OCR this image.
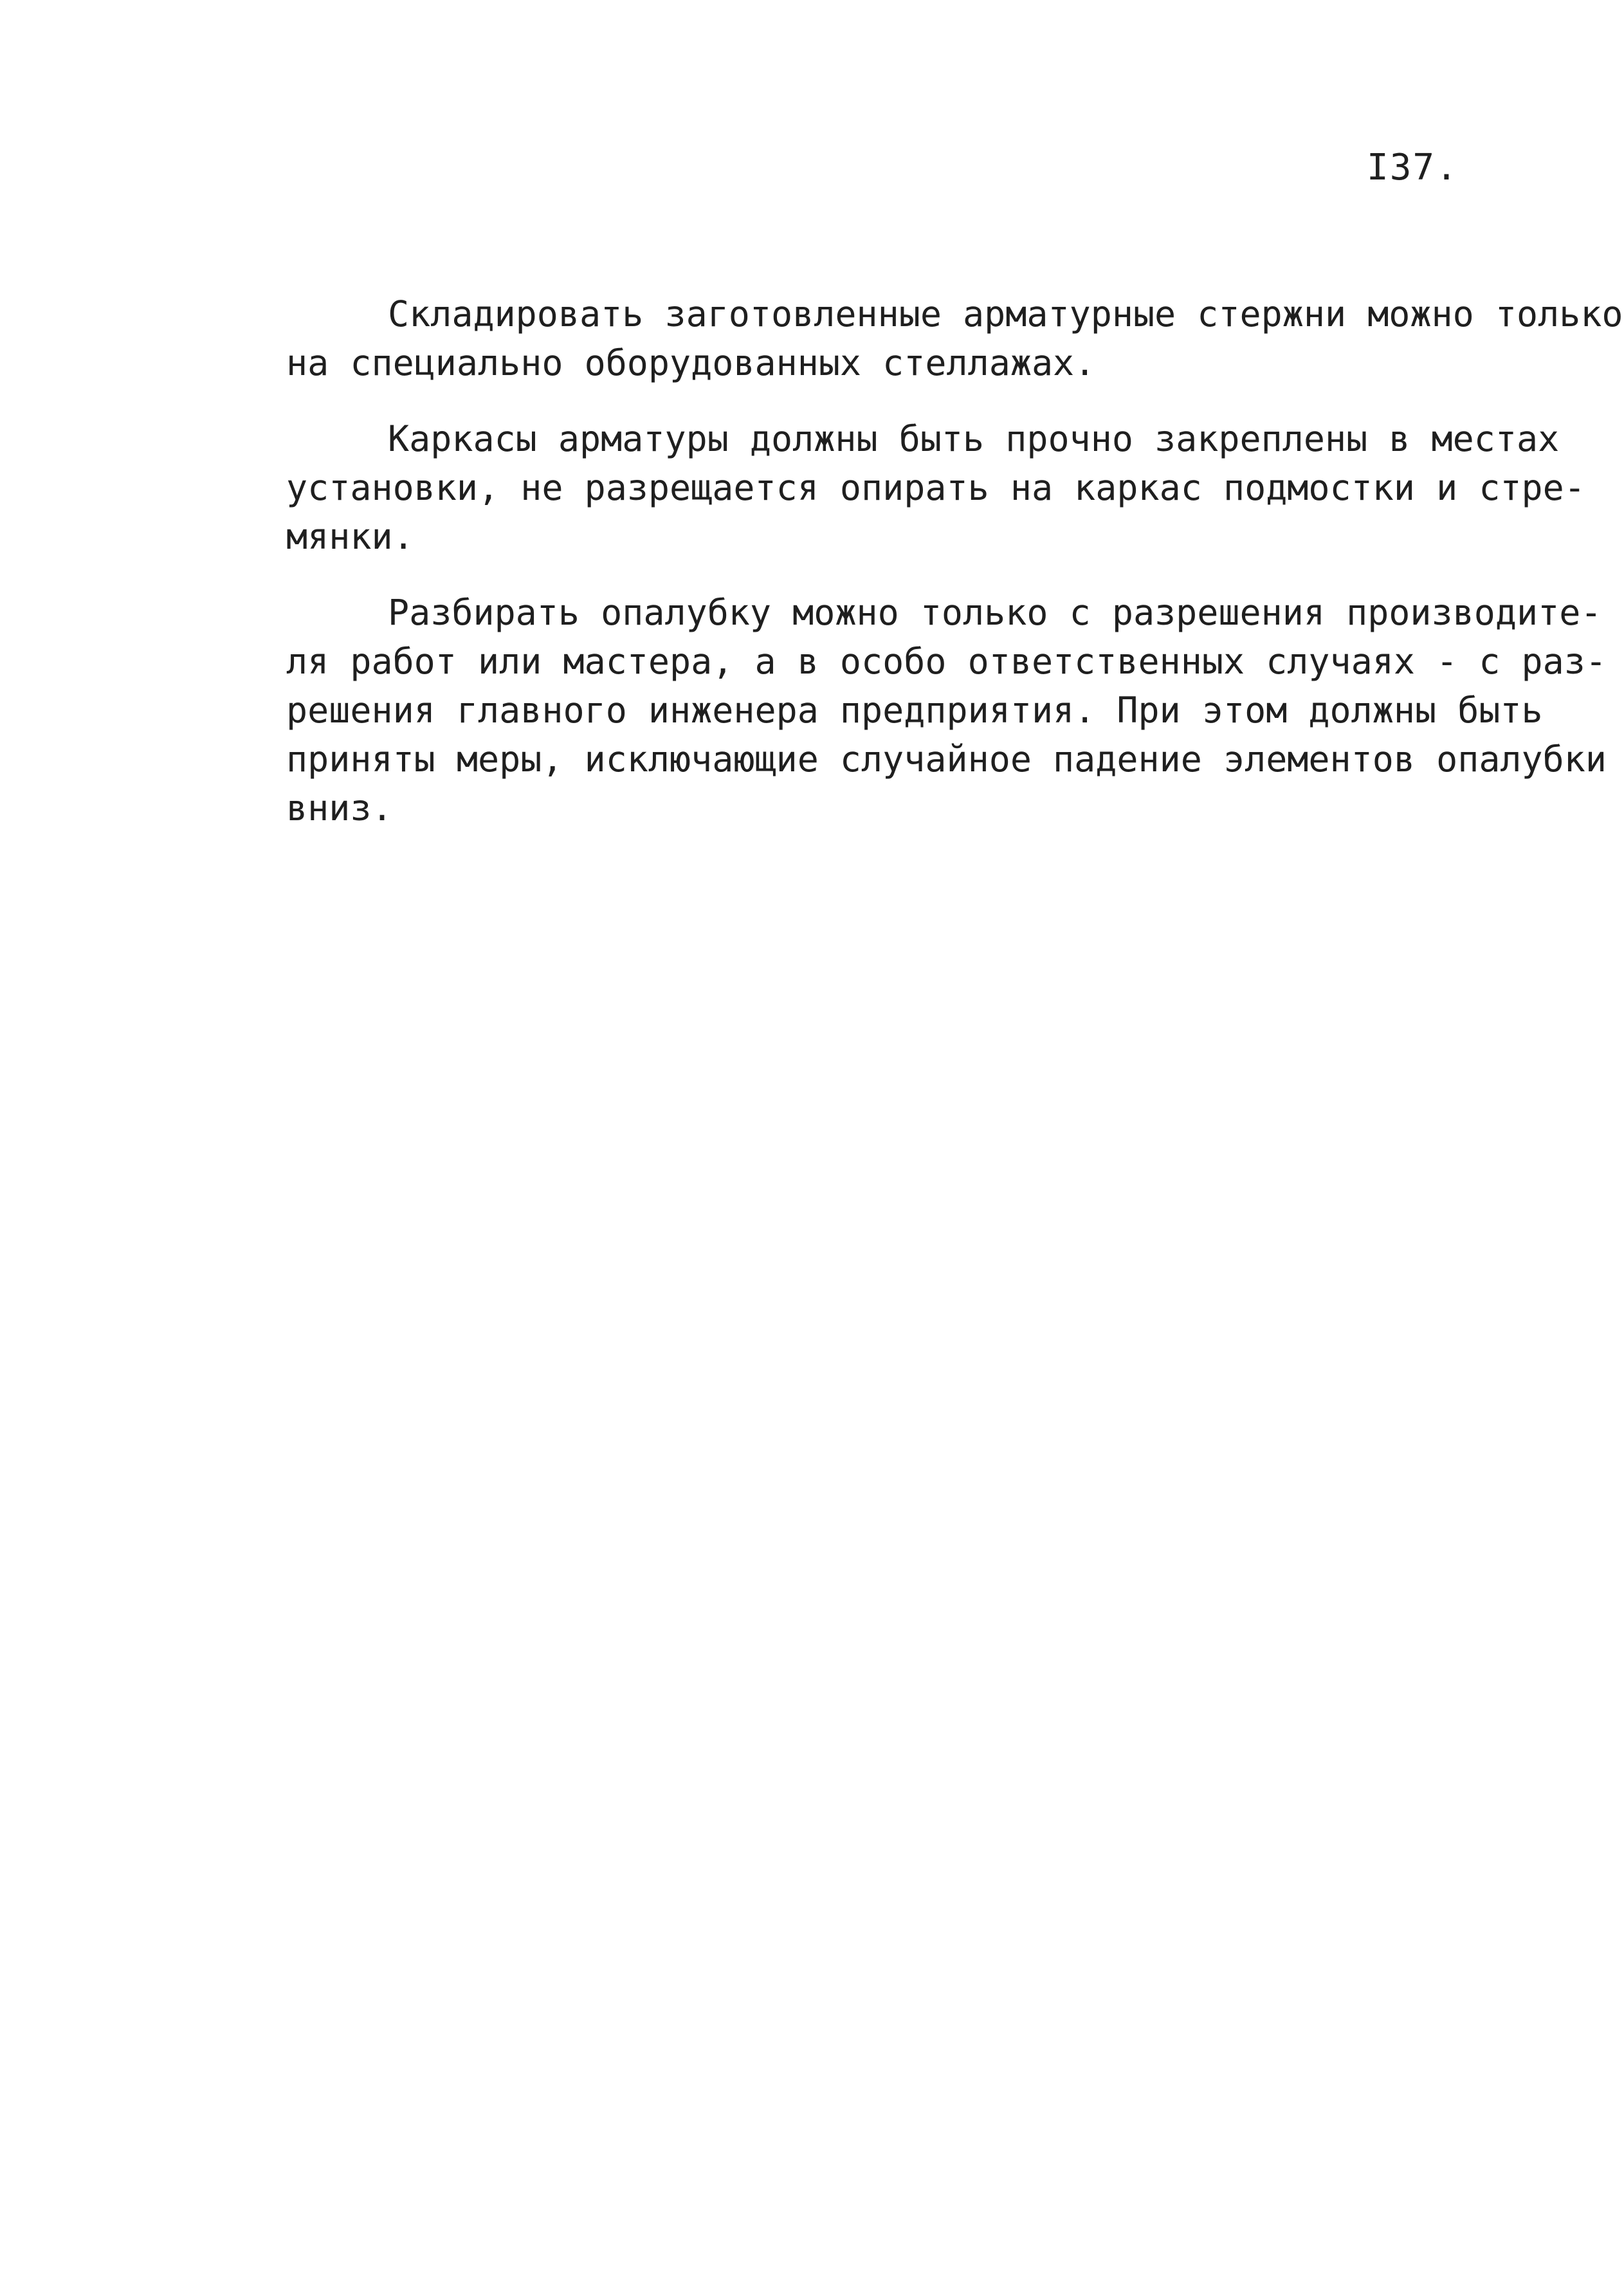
I37.
Складировать заготовленные арматурные стержни можно только
на специально оборудованных стеллажах.
Каркасы арматуры должны быть прочно закреплены в местах
установки, не разрещается опирать на каркас подмостки и стре-
мянки.
Разбирать опалубку можно только с разрешения производите-
ля работ или мастера, а в особо ответственных случаях - с раз-
решения главного инженера предприятия. При этом должны быть
приняты меры, исключающие случайное падение элементов опалубки
вниз.
